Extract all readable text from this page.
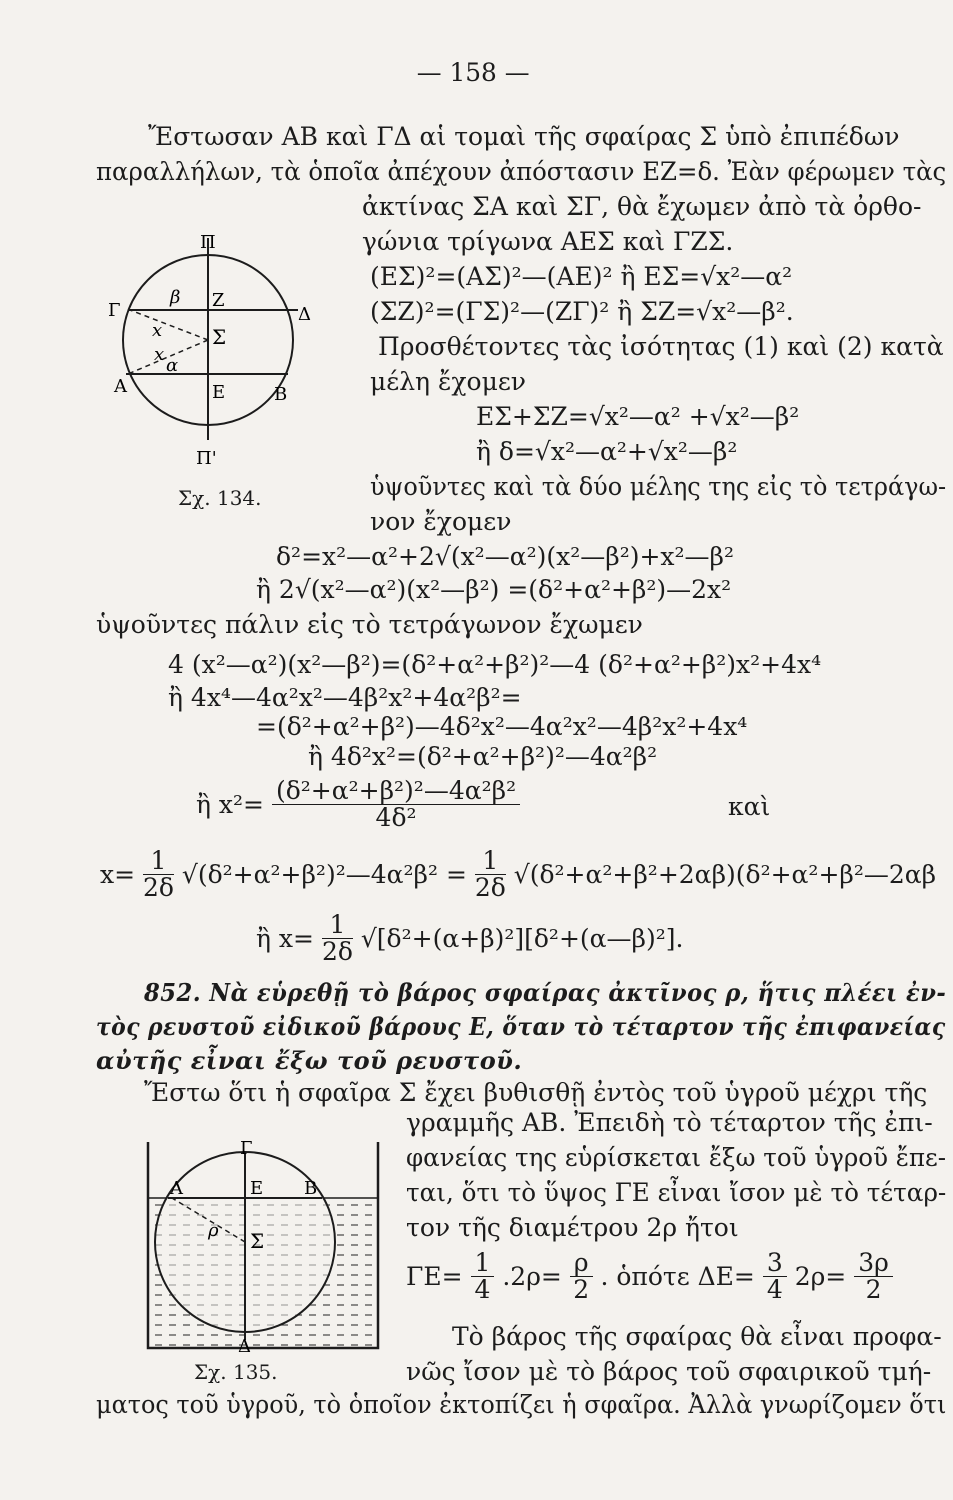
— 158 —
Ἔστωσαν ΑΒ καὶ ΓΔ αἱ τομαὶ τῆς σφαίρας Σ ὑπὸ ἐπιπέδων
παραλλήλων, τὰ ὁποῖα ἀπέχουν ἀπόστασιν ΕΖ=δ. Ἐὰν φέρωμεν τὰς
ἀκτίνας ΣΑ καὶ ΣΓ, θὰ ἔχωμεν ἀπὸ τὰ ὀρθο-
γώνια τρίγωνα ΑΕΣ καὶ ΓΖΣ.
(ΕΣ)²=(ΑΣ)²—(ΑΕ)² ἢ ΕΣ=√x²—α²
(ΣΖ)²=(ΓΣ)²—(ΖΓ)² ἢ ΣΖ=√x²—β².
Προσθέτοντες τὰς ἰσότητας (1) καὶ (2) κατὰ
μέλη ἔχομεν
ΕΣ+ΣΖ=√x²—α² +√x²—β²
ἢ δ=√x²—α²+√x²—β²
ὑψοῦντες καὶ τὰ δύο μέλης της εἰς τὸ τετράγω-
νον ἔχομεν
Π
Π'
Γ	Ζ
Δ
β
x
x
Σ
α
Α	Ε	Β
Σχ. 134.
δ²=x²—α²+2√(x²—α²)(x²—β²)+x²—β²
ἢ 2√(x²—α²)(x²—β²) =(δ²+α²+β²)—2x²
ὑψοῦντες πάλιν εἰς τὸ τετράγωνον ἔχωμεν
4 (x²—α²)(x²—β²)=(δ²+α²+β²)²—4 (δ²+α²+β²)x²+4x⁴
ἢ 4x⁴—4α²x²—4β²x²+4α²β²=
=(δ²+α²+β²)—4δ²x²—4α²x²—4β²x²+4x⁴
ἢ 4δ²x²=(δ²+α²+β²)²—4α²β²
ἢ $x^2= \frac{\text{(δ²+α²+β²)²—4α²β²}}{\text{4δ²}}$	καὶ
$x= \frac{1}{2\delta}$ √(δ²+α²+β²)²—4α²β² = $\frac{1}{2\delta}$ √(δ²+α²+β²+2αβ)(δ²+α²+β²—2αβ
ἢ $x= \frac{1}{2\delta}$ √[δ²+(α+β)²][δ²+(α—β)²].
852. Νὰ εὑρεθῇ τὸ βάρος σφαίρας ἀκτῖνος ρ, ἥτις πλέει ἐν-
τὸς ρευστοῦ εἰδικοῦ βάρους Ε, ὅταν τὸ τέταρτον τῆς ἐπιφανείας
αὐτῆς εἶναι ἔξω τοῦ ρευστοῦ.
Ἔστω ὅτι ἡ σφαῖρα Σ ἔχει βυθισθῇ ἐντὸς τοῦ ὑγροῦ μέχρι τῆς
γραμμῆς ΑΒ. Ἐπειδὴ τὸ τέταρτον τῆς ἐπι-
φανείας της εὑρίσκεται ἔξω τοῦ ὑγροῦ ἔπε-
ται, ὅτι τὸ ὕψος ΓΕ εἶναι ἴσον μὲ τὸ τέταρ-
τον τῆς διαμέτρου 2ρ ἤτοι
Γ
Α	Ε Β
ρ Σ
Δ
$\Gamma E= \frac{1}{4} .2\rho= \frac{\rho}{2}$ . ὁπότε $\Delta E= \frac{3}{4} 2\rho= \frac{3\rho}{2}$
Τὸ βάρος τῆς σφαίρας θὰ εἶναι προφα-
Σχ. 135.	νῶς ἴσον μὲ τὸ βάρος τοῦ σφαιρικοῦ τμή-
ματος τοῦ ὑγροῦ, τὸ ὁποῖον ἐκτοπίζει ἡ σφαῖρα. Ἀλλὰ γνωρίζομεν ὅτι
